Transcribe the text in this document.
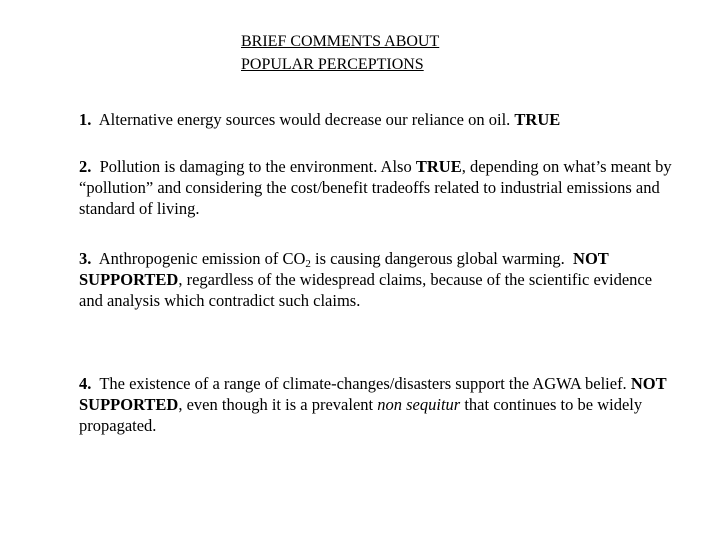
BRIEF COMMENTS ABOUT
POPULAR PERCEPTIONS
1. Alternative energy sources would decrease our reliance on oil. TRUE
2. Pollution is damaging to the environment. Also TRUE, depending on what’s meant by “pollution” and considering the cost/benefit tradeoffs related to industrial emissions and standard of living.
3. Anthropogenic emission of $CO_2$ is causing dangerous global warming. NOT SUPPORTED, regardless of the widespread claims, because of the scientific evidence and analysis which contradict such claims.
4. The existence of a range of climate-changes/disasters support the AGWA belief. NOT SUPPORTED, even though it is a prevalent non sequitur that continues to be widely propagated.
